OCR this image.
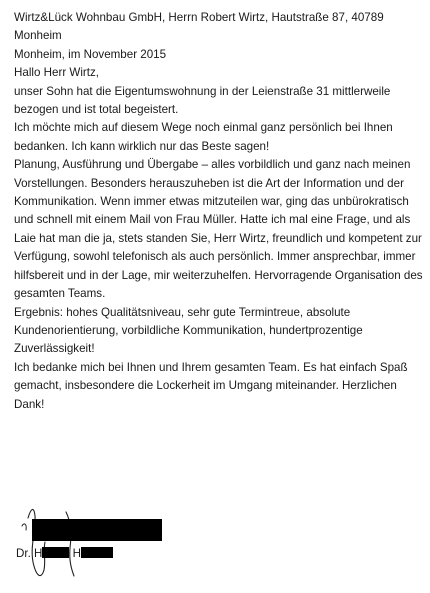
Wirtz&Lück Wohnbau GmbH, Herrn Robert Wirtz, Hautstraße 87, 40789
Monheim

Monheim, im November 2015

Hallo Herr Wirtz,

unser Sohn hat die Eigentumswohnung in der Leienstraße 31 mittlerweile bezogen und ist total begeistert.

Ich möchte mich auf diesem Wege noch einmal ganz persönlich bei Ihnen bedanken. Ich kann wirklich nur das Beste sagen!

Planung, Ausführung und Übergabe – alles vorbildlich und ganz nach meinen Vorstellungen. Besonders herauszuheben ist die Art der Information und der Kommunikation. Wenn immer etwas mitzuteilen war, ging das unbürokratisch und schnell mit einem Mail von Frau Müller. Hatte ich mal eine Frage, und als Laie hat man die ja, stets standen Sie, Herr Wirtz, freundlich und kompetent zur Verfügung, sowohl telefonisch als auch persönlich. Immer ansprechbar, immer hilfsbereit und in der Lage, mir weiterzuhelfen. Hervorragende Organisation des gesamten Teams.

Ergebnis: hohes Qualitätsniveau, sehr gute Termintreue, absolute Kundenorientierung, vorbildliche Kommunikation, hundertprozentige Zuverlässigkeit!

Ich bedanke mich bei Ihnen und Ihrem gesamten Team. Es hat einfach Spaß gemacht, insbesondere die Lockerheit im Umgang miteinander. Herzlichen Dank!

Dr. H	H
